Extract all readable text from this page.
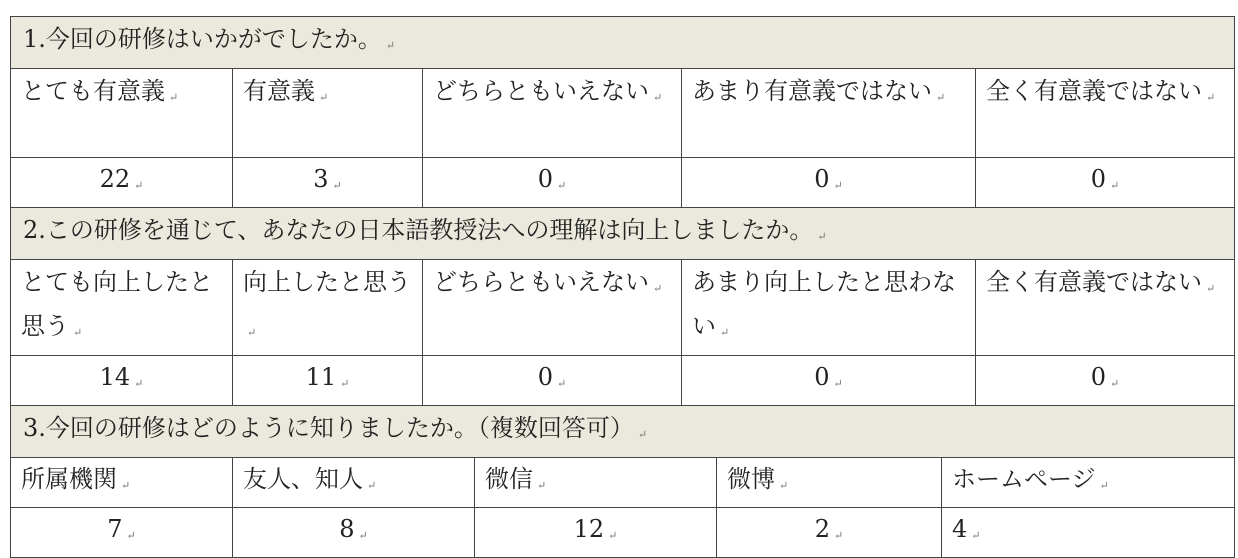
1.今回の研修はいかがでしたか。 ↵				
とても有意義 ↵	有意義 ↵	どちらともいえない ↵	あまり有意義ではない ↵	全く有意義ではない ↵
22 ↵	3 ↵	0 ↵	0 ↵	0 ↵
2.この研修を通じて、あなたの日本語教授法への理解は向上しましたか。 ↵				
とても向上したと思う ↵	向上したと思う↵	どちらともいえない ↵	あまり向上したと思わない ↵	全く有意義ではない ↵
14 ↵	11 ↵	0 ↵	0 ↵	0 ↵
3.今回の研修はどのように知りましたか。（複数回答可） ↵				
所属機関 ↵	友人、知人 ↵	微信 ↵	微博 ↵	ホームページ ↵
7 ↵	8 ↵	12 ↵	2 ↵	4 ↵
